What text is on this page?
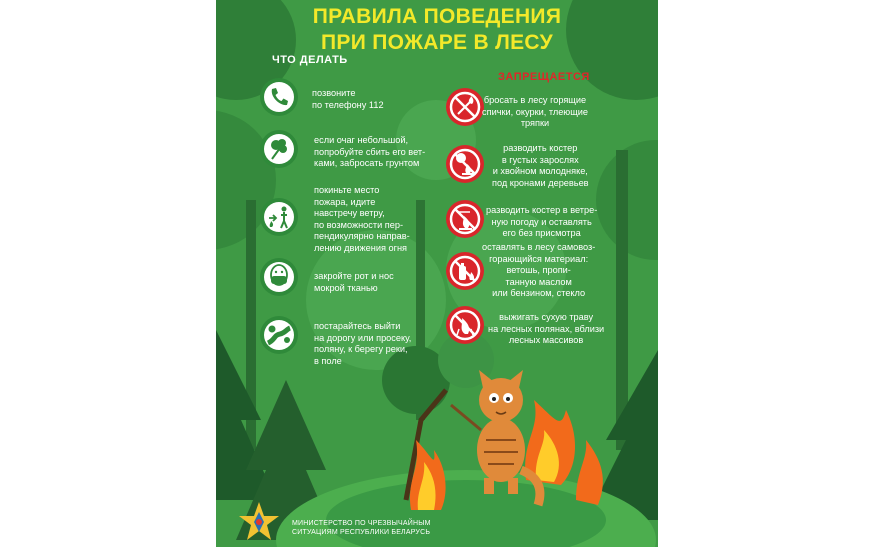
ПРАВИЛА ПОВЕДЕНИЯ
ПРИ ПОЖАРЕ В ЛЕСУ
ЧТО ДЕЛАТЬ
ЗАПРЕЩАЕТСЯ
позвоните
по телефону 112
если очаг небольшой,
попробуйте сбить его вет-
ками, забросать грунтом
покиньте место
пожара, идите
навстречу ветру,
по возможности пер-
пендикулярно направ-
лению движения огня
закройте рот и нос
мокрой тканью
постарайтесь выйти
на дорогу или просеку,
поляну, к берегу реки,
в поле
бросать в лесу горящие
спички, окурки, тлеющие
тряпки
разводить костер
в густых зарослях
и хвойном молодняке,
под кронами деревьев
разводить костер в ветре-
ную погоду и оставлять
его без присмотра
оставлять в лесу самовоз-
горающийся материал:
ветошь, пропи-
танную маслом
или бензином, стекло
выжигать сухую траву
на лесных полянах, вблизи
лесных массивов
МИНИСТЕРСТВО ПО ЧРЕЗВЫЧАЙНЫМ
СИТУАЦИЯМ РЕСПУБЛИКИ БЕЛАРУСЬ
